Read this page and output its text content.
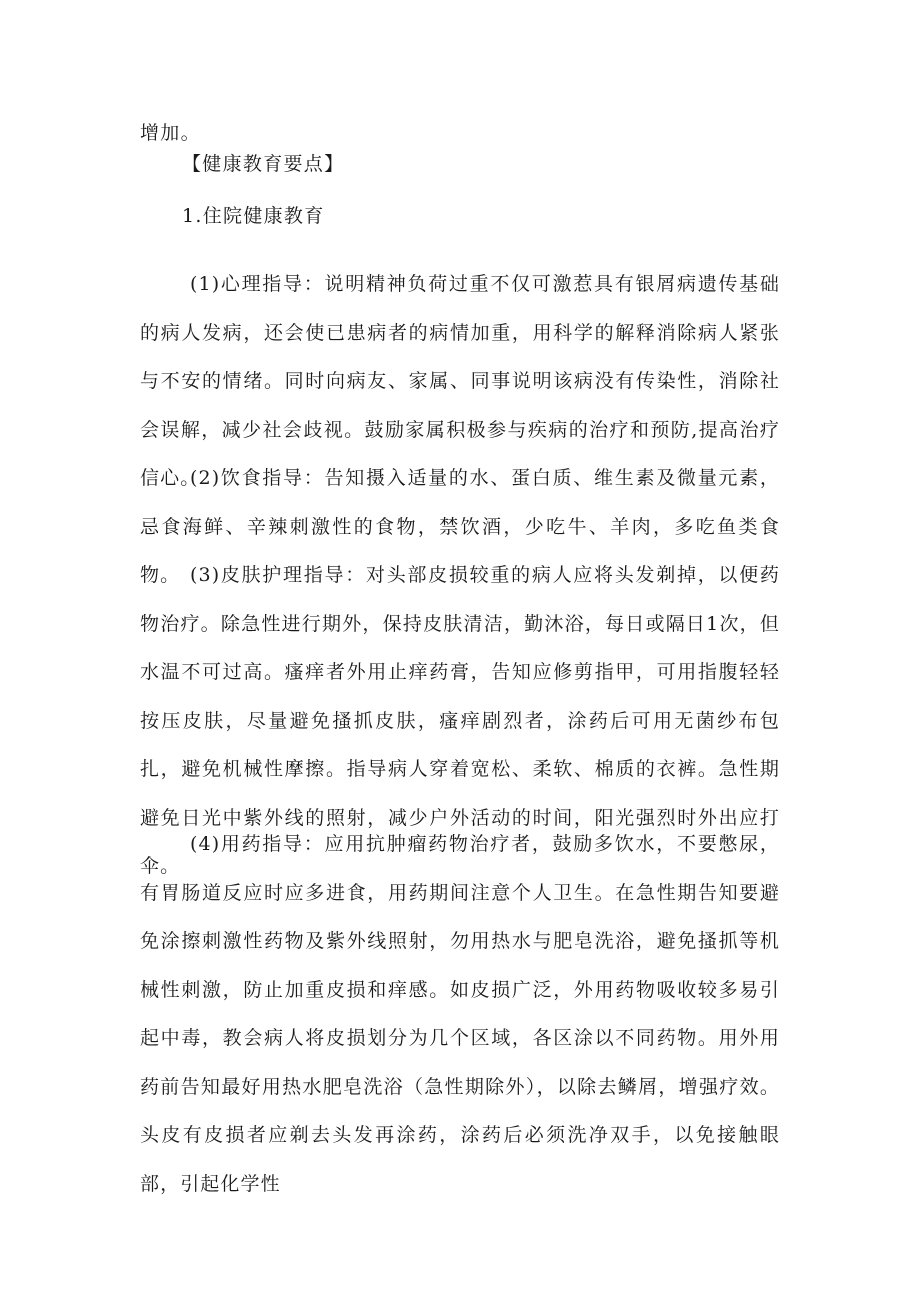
增加。
【健康教育要点】
1.住院健康教育

(1)心理指导：说明精神负荷过重不仅可激惹具有银屑病遗传基础的病人发病，还会使已患病者的病情加重，用科学的解释消除病人紧张与不安的情绪。同时向病友、家属、同事说明该病没有传染性，消除社会误解，减少社会歧视。鼓励家属积极参与疾病的治疗和预防,提高治疗信心。

(2)饮食指导：告知摄入适量的水、蛋白质、维生素及微量元素，忌食海鲜、辛辣刺激性的食物，禁饮酒，少吃牛、羊肉，多吃鱼类食物。 (3)皮肤护理指导：对头部皮损较重的病人应将头发剃掉，以便药物治疗。除急性进行期外，保持皮肤清洁，勤沐浴，每日或隔日1次，但水温不可过高。瘙痒者外用止痒药膏，告知应修剪指甲，可用指腹轻轻按压皮肤，尽量避免搔抓皮肤，瘙痒剧烈者，涂药后可用无菌纱布包扎，避免机械性摩擦。指导病人穿着宽松、柔软、棉质的衣裤。急性期避免日光中紫外线的照射，减少户外活动的时间，阳光强烈时外出应打伞。

(4)用药指导：应用抗肿瘤药物治疗者，鼓励多饮水，不要憋尿，有胃肠道反应时应多进食，用药期间注意个人卫生。在急性期告知要避免涂擦刺激性药物及紫外线照射，勿用热水与肥皂洗浴，避免搔抓等机械性刺激，防止加重皮损和痒感。如皮损广泛，外用药物吸收较多易引起中毒，教会病人将皮损划分为几个区域，各区涂以不同药物。用外用药前告知最好用热水肥皂洗浴（急性期除外），以除去鳞屑，增强疗效。头皮有皮损者应剃去头发再涂药，涂药后必须洗净双手，以免接触眼部，引起化学性
